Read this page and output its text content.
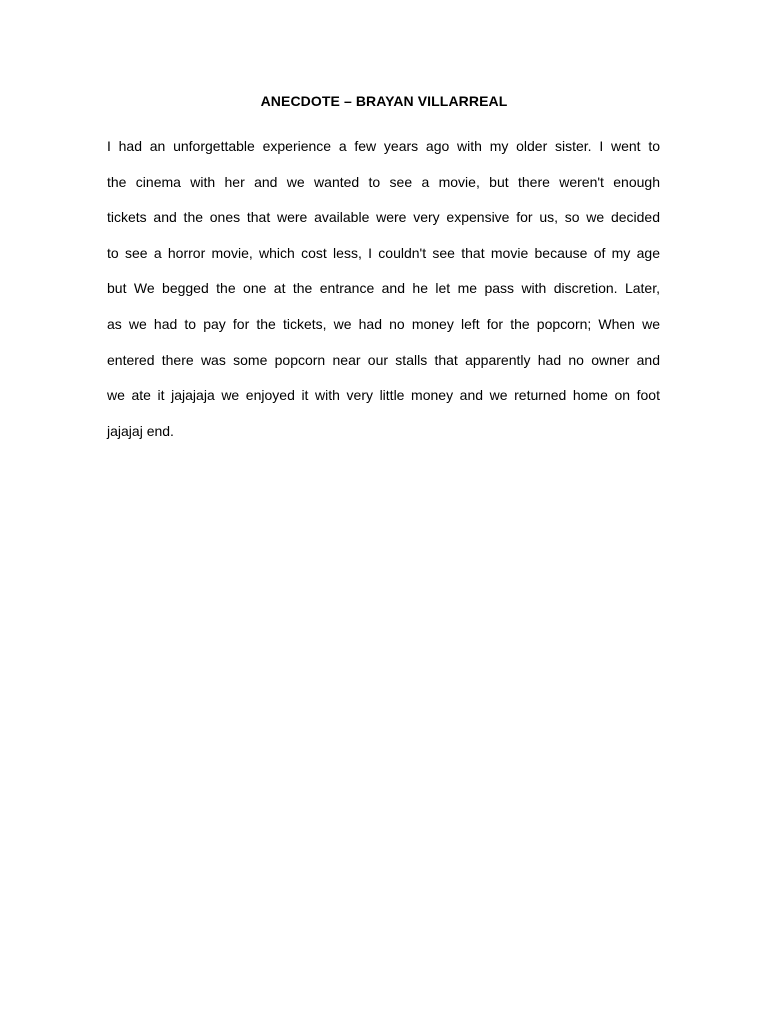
ANECDOTE – BRAYAN VILLARREAL
I had an unforgettable experience a few years ago with my older sister. I went to
the cinema with her and we wanted to see a movie, but there weren't enough
tickets and the ones that were available were very expensive for us, so we decided
to see a horror movie, which cost less, I couldn't see that movie because of my age
but We begged the one at the entrance and he let me pass with discretion. Later,
as we had to pay for the tickets, we had no money left for the popcorn; When we
entered there was some popcorn near our stalls that apparently had no owner and
we ate it jajajaja we enjoyed it with very little money and we returned home on foot
jajajaj end.
